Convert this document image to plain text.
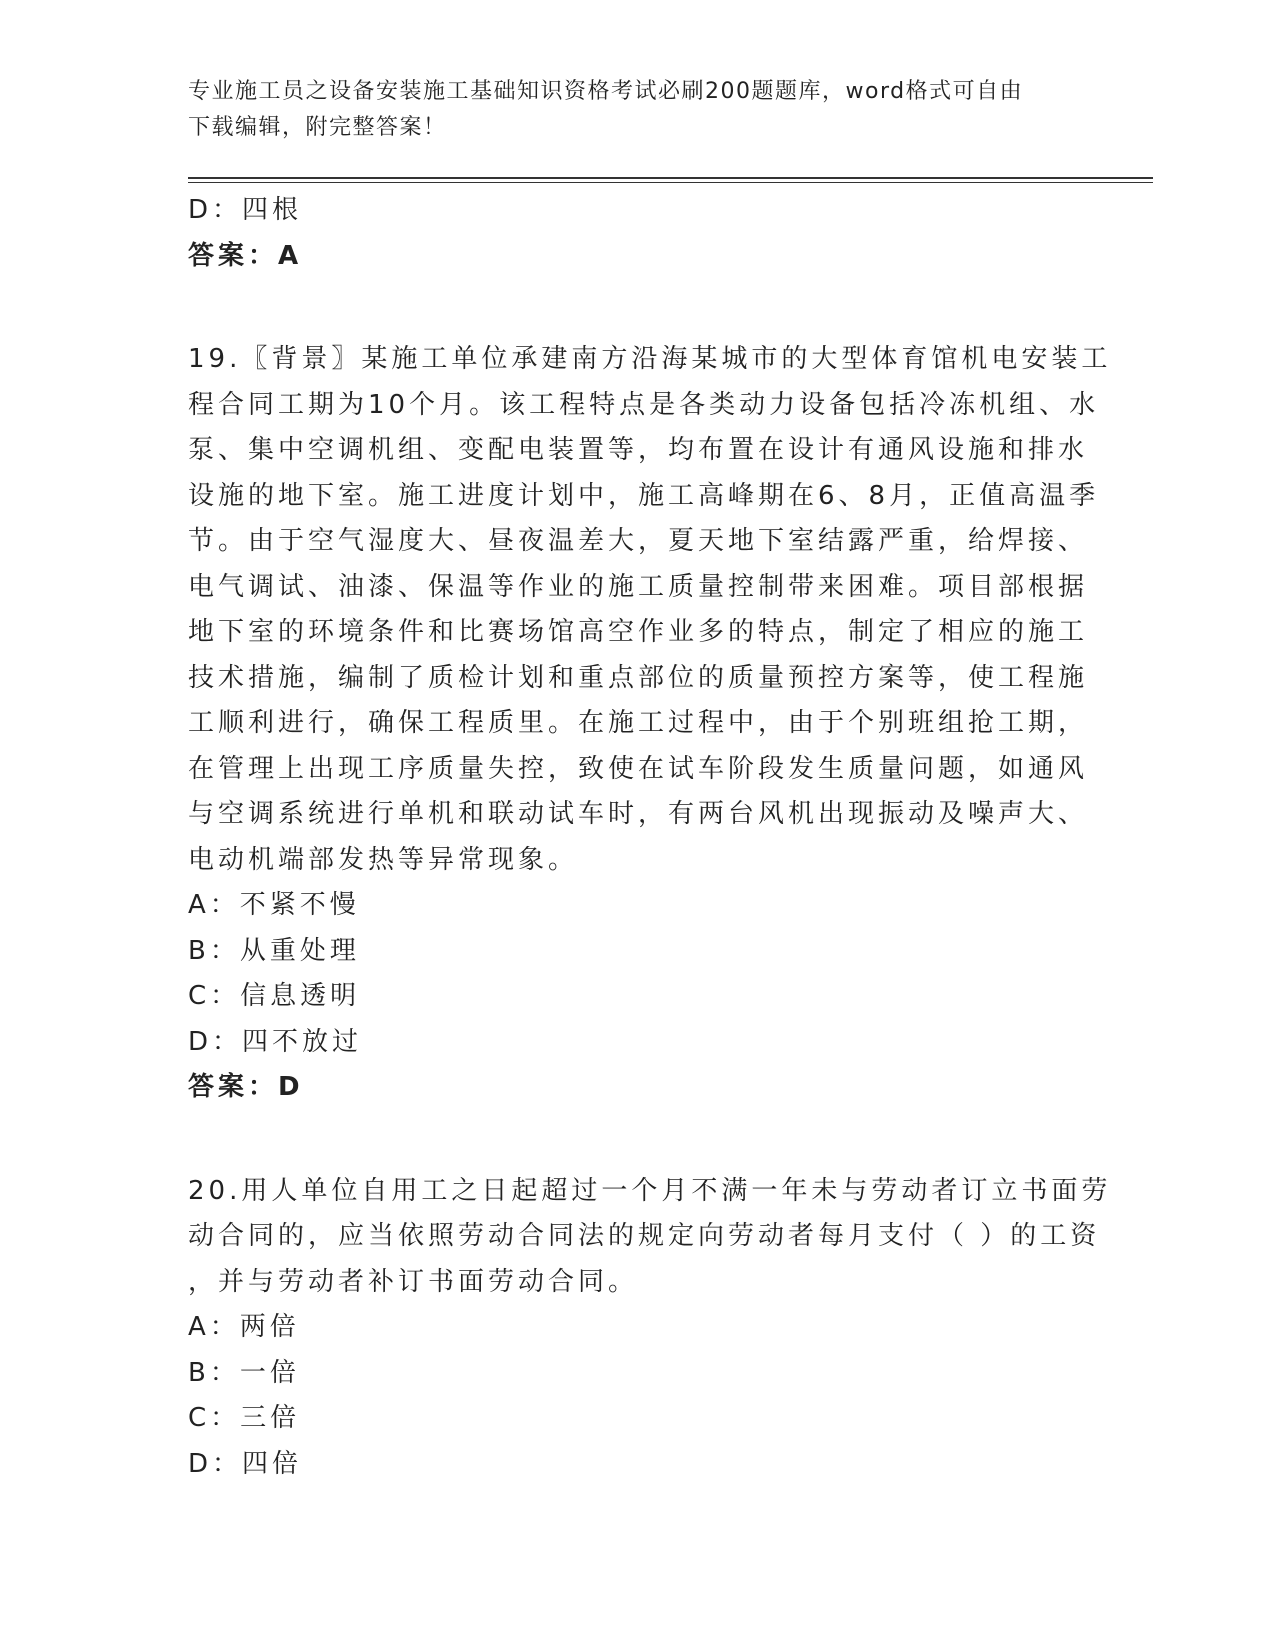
专业施工员之设备安装施工基础知识资格考试必刷200题题库，word格式可自由
下载编辑，附完整答案！
D：四根
答案：A
19.〖背景〗某施工单位承建南方沿海某城市的大型体育馆机电安装工
程合同工期为10个月。该工程特点是各类动力设备包括冷冻机组、水
泵、集中空调机组、变配电装置等，均布置在设计有通风设施和排水
设施的地下室。施工进度计划中，施工高峰期在6、8月，正值高温季
节。由于空气湿度大、昼夜温差大，夏天地下室结露严重，给焊接、
电气调试、油漆、保温等作业的施工质量控制带来困难。项目部根据
地下室的环境条件和比赛场馆高空作业多的特点，制定了相应的施工
技术措施，编制了质检计划和重点部位的质量预控方案等，使工程施
工顺利进行，确保工程质里。在施工过程中，由于个别班组抢工期，
在管理上出现工序质量失控，致使在试车阶段发生质量问题，如通风
与空调系统进行单机和联动试车时，有两台风机出现振动及噪声大、
电动机端部发热等异常现象。
A：不紧不慢
B：从重处理
C：信息透明
D：四不放过
答案：D
20.用人单位自用工之日起超过一个月不满一年未与劳动者订立书面劳
动合同的，应当依照劳动合同法的规定向劳动者每月支付（ ）的工资
，并与劳动者补订书面劳动合同。
A：两倍
B：一倍
C：三倍
D：四倍
